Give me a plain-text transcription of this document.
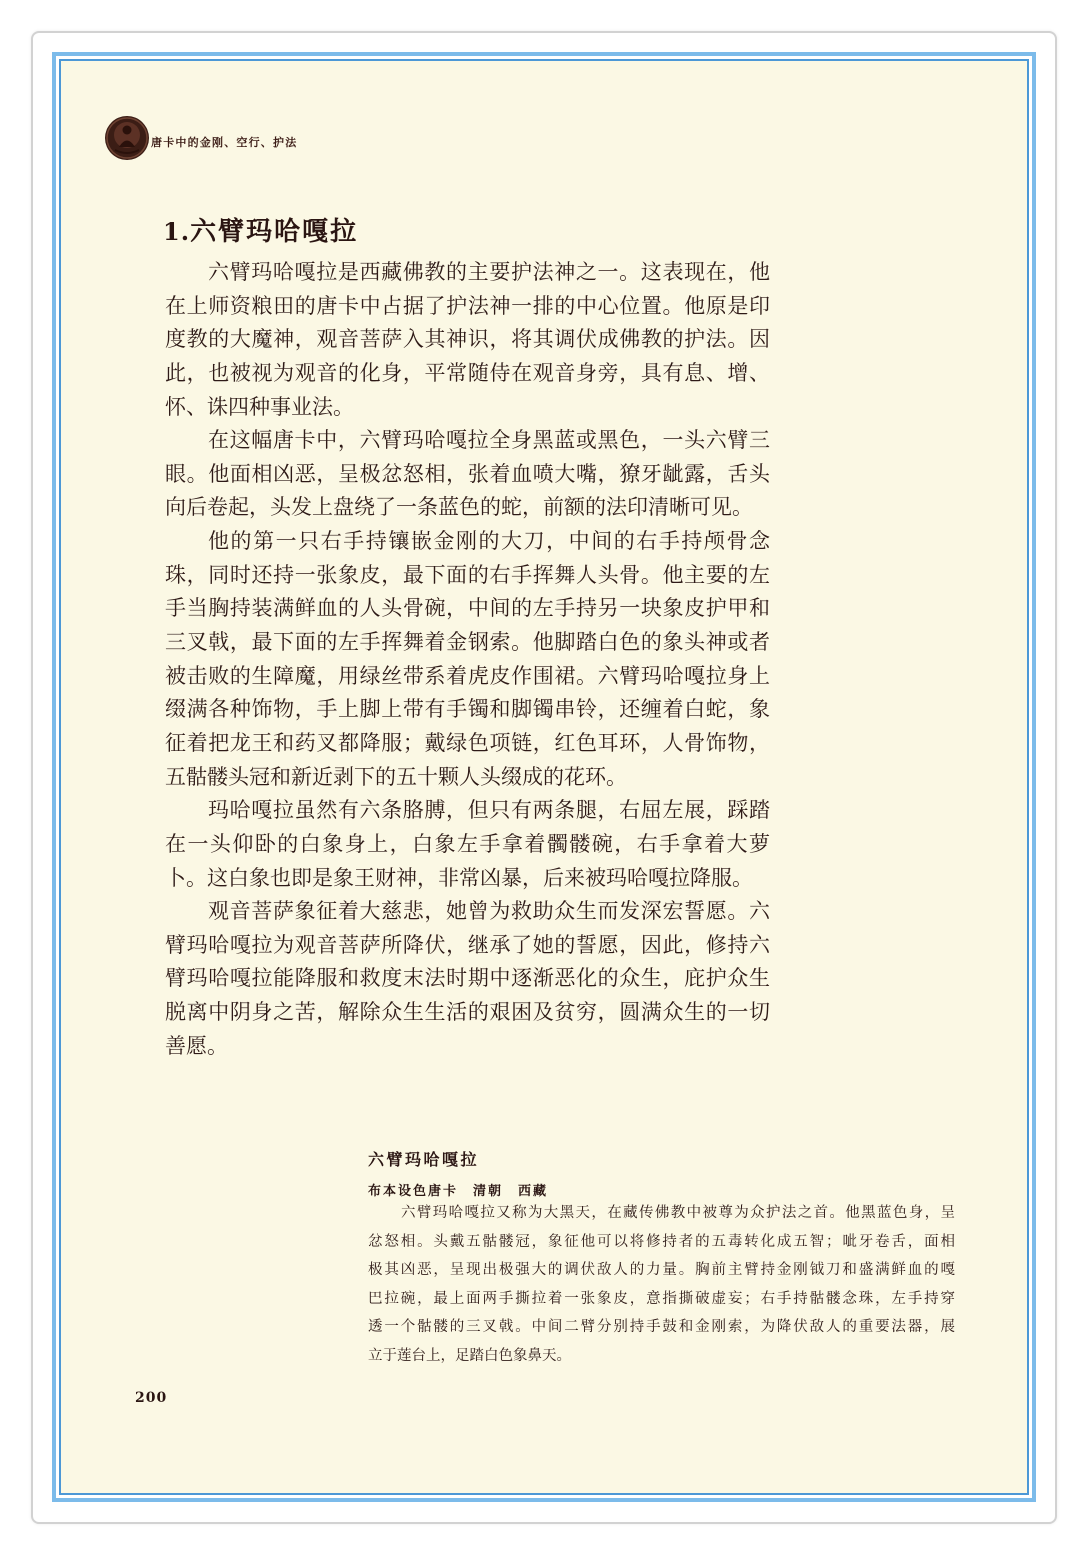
唐卡中的金刚、空行、护法
1.六臂玛哈嘎拉
六臂玛哈嘎拉是西藏佛教的主要护法神之一。这表现在，他
在上师资粮田的唐卡中占据了护法神一排的中心位置。他原是印
度教的大魔神，观音菩萨入其神识，将其调伏成佛教的护法。因
此，也被视为观音的化身，平常随侍在观音身旁，具有息、增、
怀、诛四种事业法。
在这幅唐卡中，六臂玛哈嘎拉全身黑蓝或黑色，一头六臂三
眼。他面相凶恶，呈极忿怒相，张着血喷大嘴，獠牙龇露，舌头
向后卷起，头发上盘绕了一条蓝色的蛇，前额的法印清晰可见。
他的第一只右手持镶嵌金刚的大刀，中间的右手持颅骨念
珠，同时还持一张象皮，最下面的右手挥舞人头骨。他主要的左
手当胸持装满鲜血的人头骨碗，中间的左手持另一块象皮护甲和
三叉戟，最下面的左手挥舞着金钢索。他脚踏白色的象头神或者
被击败的生障魔，用绿丝带系着虎皮作围裙。六臂玛哈嘎拉身上
缀满各种饰物，手上脚上带有手镯和脚镯串铃，还缠着白蛇，象
征着把龙王和药叉都降服；戴绿色项链，红色耳环，人骨饰物，
五骷髅头冠和新近剥下的五十颗人头缀成的花环。
玛哈嘎拉虽然有六条胳膊，但只有两条腿，右屈左展，踩踏
在一头仰卧的白象身上，白象左手拿着髑髅碗，右手拿着大萝
卜。这白象也即是象王财神，非常凶暴，后来被玛哈嘎拉降服。
观音菩萨象征着大慈悲，她曾为救助众生而发深宏誓愿。六
臂玛哈嘎拉为观音菩萨所降伏，继承了她的誓愿，因此，修持六
臂玛哈嘎拉能降服和救度末法时期中逐渐恶化的众生，庇护众生
脱离中阴身之苦，解除众生生活的艰困及贫穷，圆满众生的一切
善愿。
六臂玛哈嘎拉
布本设色唐卡 清朝 西藏
六臂玛哈嘎拉又称为大黑天，在藏传佛教中被尊为众护法之首。他黑蓝色身，呈
忿怒相。头戴五骷髅冠，象征他可以将修持者的五毒转化成五智；呲牙卷舌，面相
极其凶恶，呈现出极强大的调伏敌人的力量。胸前主臂持金刚钺刀和盛满鲜血的嘎
巴拉碗，最上面两手撕拉着一张象皮，意指撕破虚妄；右手持骷髅念珠，左手持穿
透一个骷髅的三叉戟。中间二臂分别持手鼓和金刚索，为降伏敌人的重要法器，展
立于莲台上，足踏白色象鼻天。
200
